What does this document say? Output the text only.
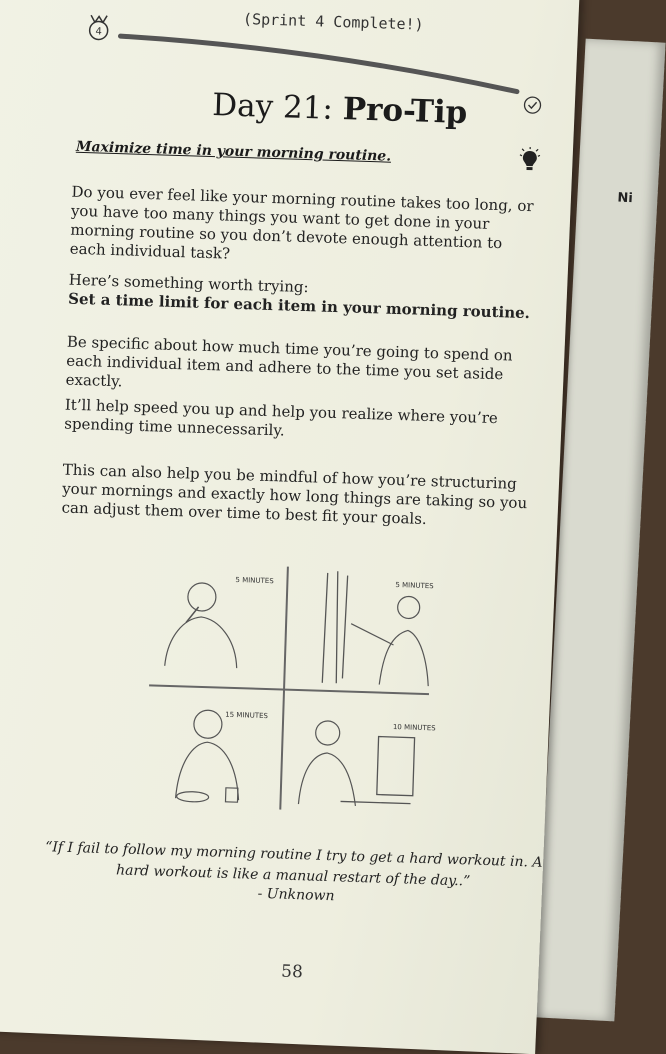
Ni
4	(Sprint 4 Complete!)
Day 21: Pro-Tip
Maximize time in your morning routine.

Do you ever feel like your morning routine takes too long, or you have too many things you want to get done in your morning routine so you don’t devote enough attention to each individual task?

Here’s something worth trying:
Set a time limit for each item in your morning routine.

Be specific about how much time you’re going to spend on each individual item and adhere to the time you set aside exactly.

It’ll help speed you up and help you realize where you’re spending time unnecessarily.

This can also help you be mindful of how you’re structuring your mornings and exactly how long things are taking so you can adjust them over time to best fit your goals.

5 MINUTES
5 MINUTES
15 MINUTES
10 MINUTES
“If I fail to follow my morning routine I try to get a hard workout in. A hard workout is like a manual restart of the day..”
- Unknown
58
